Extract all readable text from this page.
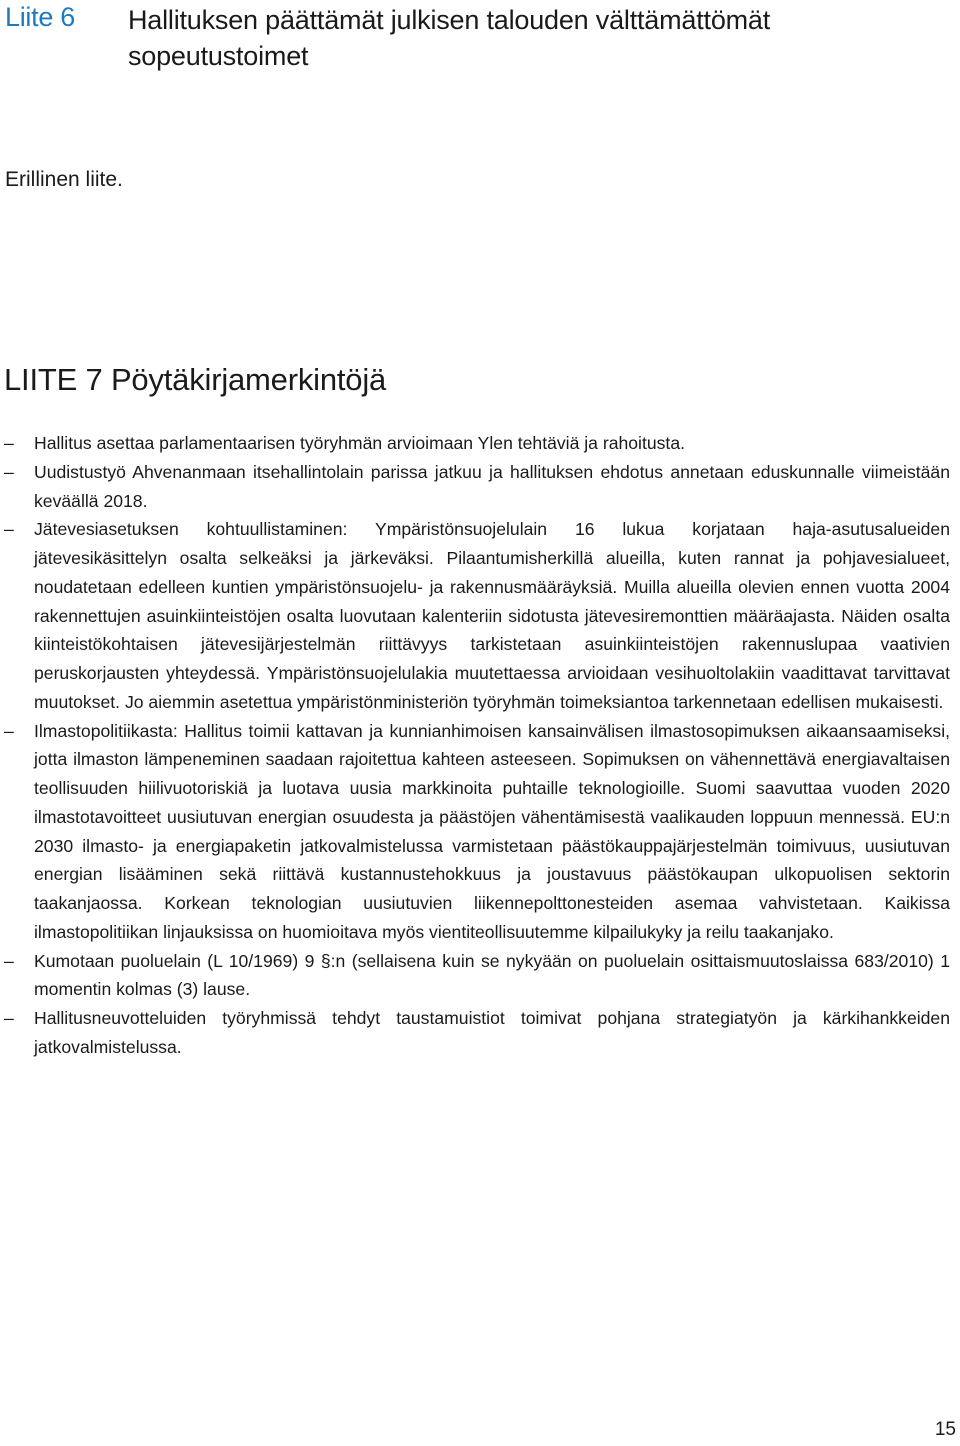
Liite 6 Hallituksen päättämät julkisen talouden välttämättömät sopeutustoimet
Erillinen liite.
LIITE 7 Pöytäkirjamerkintöjä
–	Hallitus asettaa parlamentaarisen työryhmän arvioimaan Ylen tehtäviä ja rahoitusta.
–	Uudistustyö Ahvenanmaan itsehallintolain parissa jatkuu ja hallituksen ehdotus annetaan eduskunnalle viimeistään keväällä 2018.
–	Jätevesiasetuksen kohtuullistaminen: Ympäristönsuojelulain 16 lukua korjataan haja-asutusalueiden jätevesikäsittelyn osalta selkeäksi ja järkeväksi. Pilaantumisherkillä alueilla, kuten rannat ja pohjavesialueet, noudatetaan edelleen kuntien ympäristönsuojelu- ja rakennusmääräyksiä. Muilla alueilla olevien ennen vuotta 2004 rakennettujen asuinkiinteistöjen osalta luovutaan kalenteriin sidotusta jätevesiremonttien määräajasta. Näiden osalta kiinteistökohtaisen jätevesijärjestelmän riittävyys tarkistetaan asuinkiinteistöjen rakennuslupaa vaativien peruskorjausten yhteydessä. Ympäristönsuojelulakia muutettaessa arvioidaan vesihuoltolakiin vaadittavat tarvittavat muutokset. Jo aiemmin asetettua ympäristönministeriön työryhmän toimeksiantoa tarkennetaan edellisen mukaisesti.
–	Ilmastopolitiikasta: Hallitus toimii kattavan ja kunnianhimoisen kansainvälisen ilmastosopimuksen aikaansaamiseksi, jotta ilmaston lämpeneminen saadaan rajoitettua kahteen asteeseen. Sopimuksen on vähennettävä energiavaltaisen teollisuuden hiilivuotoriskiä ja luotava uusia markkinoita puhtaille teknologioille. Suomi saavuttaa vuoden 2020 ilmastotavoitteet uusiutuvan energian osuudesta ja päästöjen vähentämisestä vaalikauden loppuun mennessä. EU:n 2030 ilmasto- ja energiapaketin jatkovalmistelussa varmistetaan päästökauppajärjestelmän toimivuus, uusiutuvan energian lisääminen sekä riittävä kustannustehokkuus ja joustavuus päästökaupan ulkopuolisen sektorin taakanjaossa. Korkean teknologian uusiutuvien liikennepolttonesteiden asemaa vahvistetaan. Kaikissa ilmastopolitiikan linjauksissa on huomioitava myös vientiteollisuutemme kilpailukyky ja reilu taakanjako.
–	Kumotaan puoluelain (L 10/1969) 9 §:n (sellaisena kuin se nykyään on puoluelain osittaismuutoslaissa 683/2010) 1 momentin kolmas (3) lause.
–	Hallitusneuvotteluiden työryhmissä tehdyt taustamuistiot toimivat pohjana strategiatyön ja kärkihankkeiden jatkovalmistelussa.
15
